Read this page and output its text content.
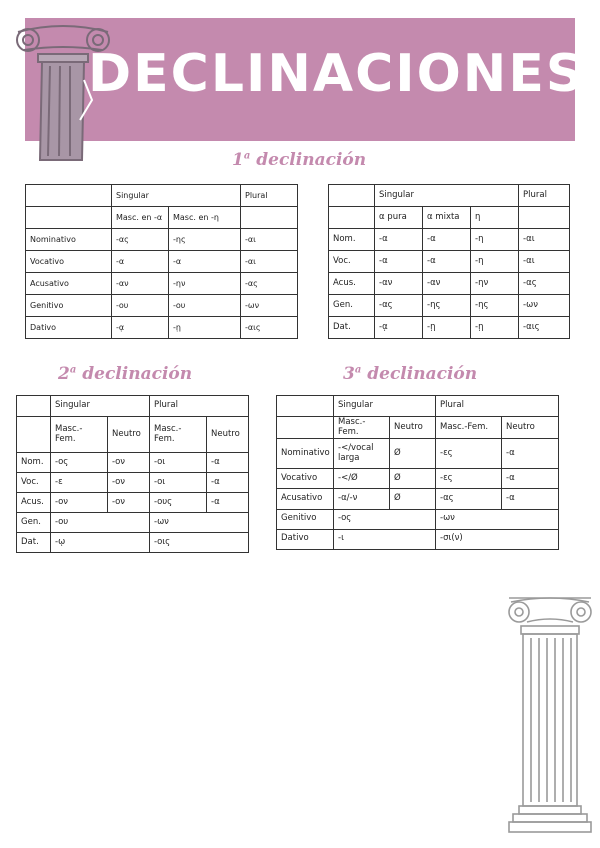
DECLINACIONES
1$^a$ declinación
	Singular		Plural
	Masc. en -α	Masc. en -η	
Nominativo	-ας	-ης	-αι
Vocativo	-α	-α	-αι
Acusativo	-αν	-ην	-ας
Genitivo	-ου	-ου	-ων
Dativo	-ᾳ	-ῃ	-αις
	Singular			Plural
	α pura	α mixta	η	
Nom.	-α	-α	-η	-αι
Voc.	-α	-α	-η	-αι
Acus.	-αν	-αν	-ην	-ας
Gen.	-ας	-ης	-ης	-ων
Dat.	-ᾳ	-ῃ	-ῃ	-αις
2$^a$ declinación	3$^a$ declinación
	Singular		Plural	
	Masc.-Fem.	Neutro	Masc.- Fem.	Neutro
Nom.	-ος	-ον	-οι	-α
Voc.	-ε	-ον	-οι	-α
Acus.	-ον	-ον	-ους	-α
Gen.	-ου		-ων	
Dat.	-ῳ		-οις	
	Singular		Plural	
	Masc.-Fem.	Neutro	Masc.-Fem.	Neutro
Nominativo	-</vocal larga	Ø	-ες	-α
Vocativo	-</Ø	Ø	-ες	-α
Acusativo	-α/-ν	Ø	-ας	-α
Genitivo	-ος		-ων	
Dativo	-ι		-σι(ν)	
